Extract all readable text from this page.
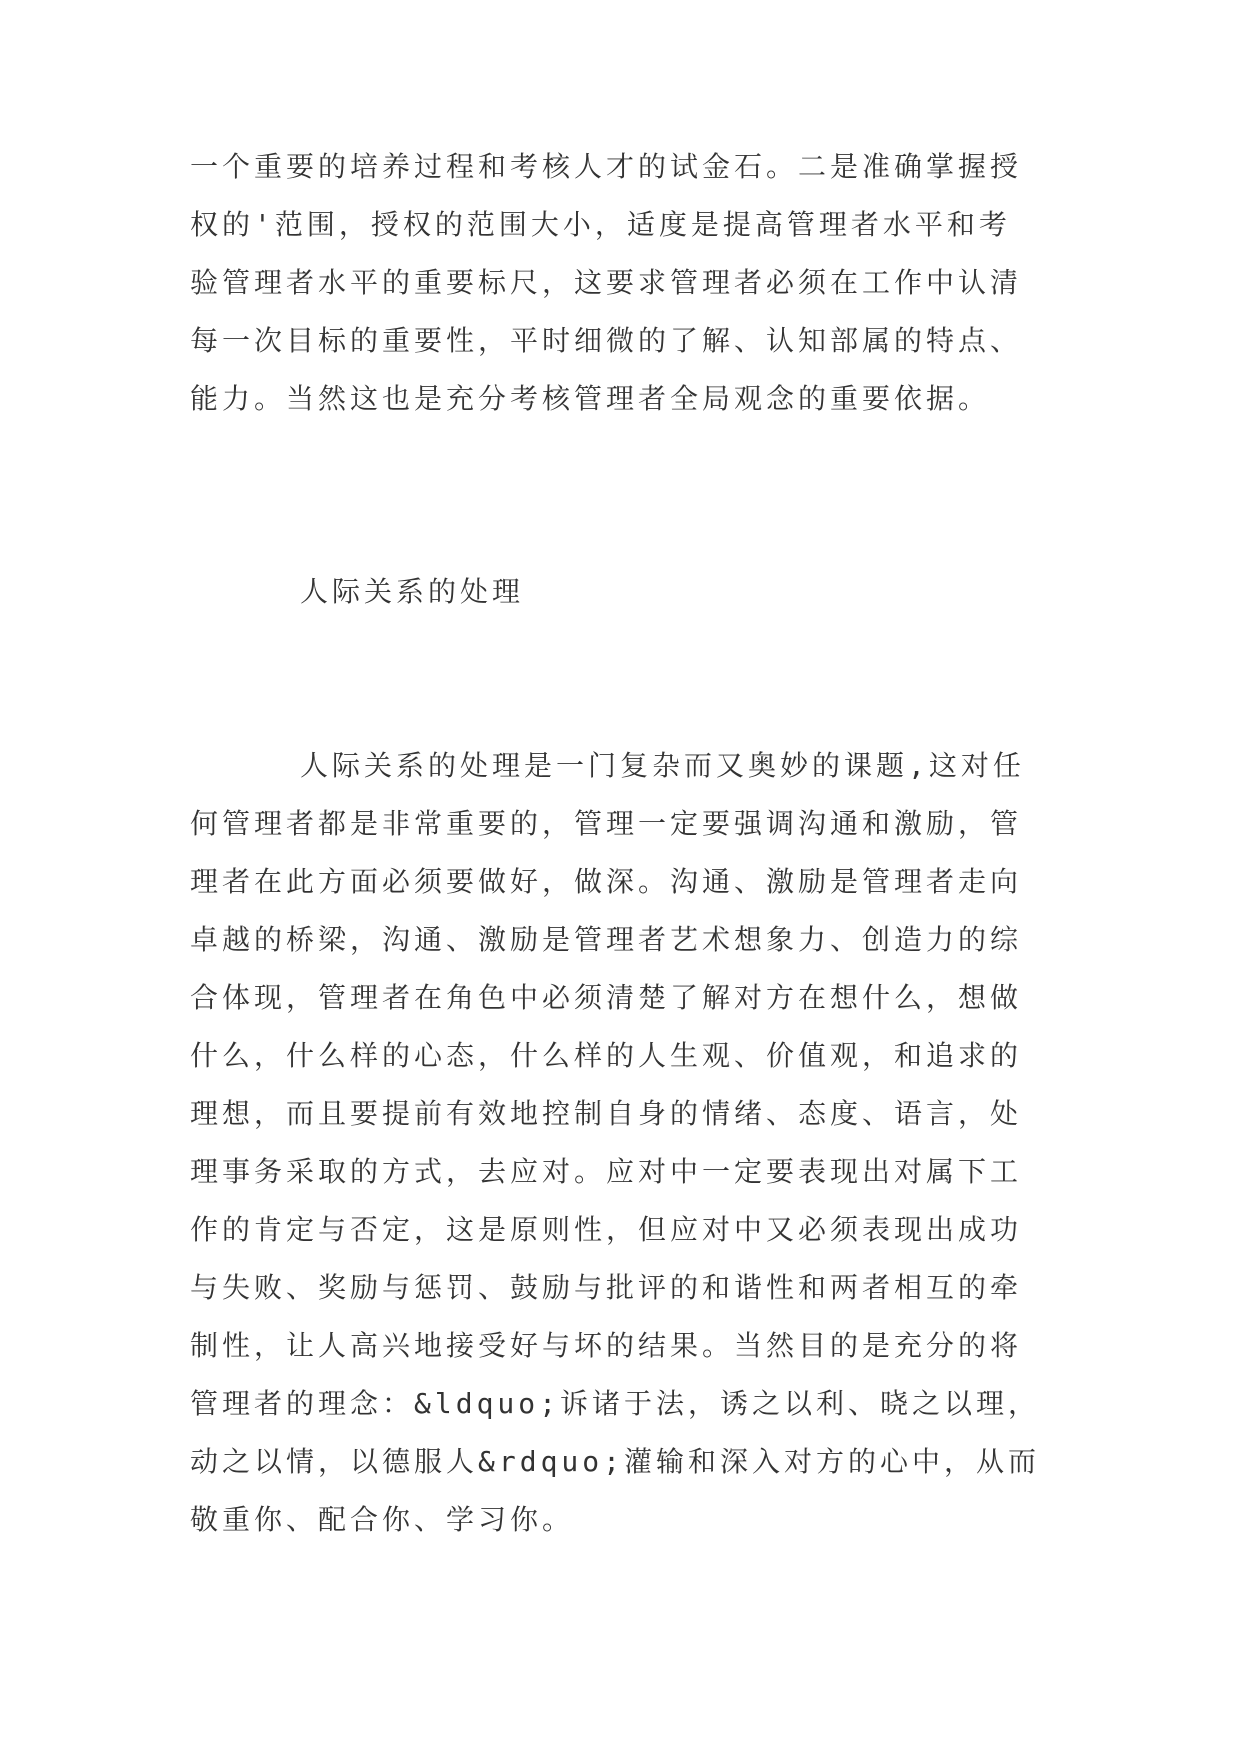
一个重要的培养过程和考核人才的试金石。二是准确掌握授
权的'范围，授权的范围大小，适度是提高管理者水平和考
验管理者水平的重要标尺，这要求管理者必须在工作中认清
每一次目标的重要性，平时细微的了解、认知部属的特点、
能力。当然这也是充分考核管理者全局观念的重要依据。
人际关系的处理
人际关系的处理是一门复杂而又奥妙的课题,这对任
何管理者都是非常重要的，管理一定要强调沟通和激励，管
理者在此方面必须要做好，做深。沟通、激励是管理者走向
卓越的桥梁，沟通、激励是管理者艺术想象力、创造力的综
合体现，管理者在角色中必须清楚了解对方在想什么，想做
什么，什么样的心态，什么样的人生观、价值观，和追求的
理想，而且要提前有效地控制自身的情绪、态度、语言，处
理事务采取的方式，去应对。应对中一定要表现出对属下工
作的肯定与否定，这是原则性，但应对中又必须表现出成功
与失败、奖励与惩罚、鼓励与批评的和谐性和两者相互的牵
制性，让人高兴地接受好与坏的结果。当然目的是充分的将
管理者的理念：&ldquo;诉诸于法，诱之以利、晓之以理，
动之以情，以德服人&rdquo;灌输和深入对方的心中，从而
敬重你、配合你、学习你。
